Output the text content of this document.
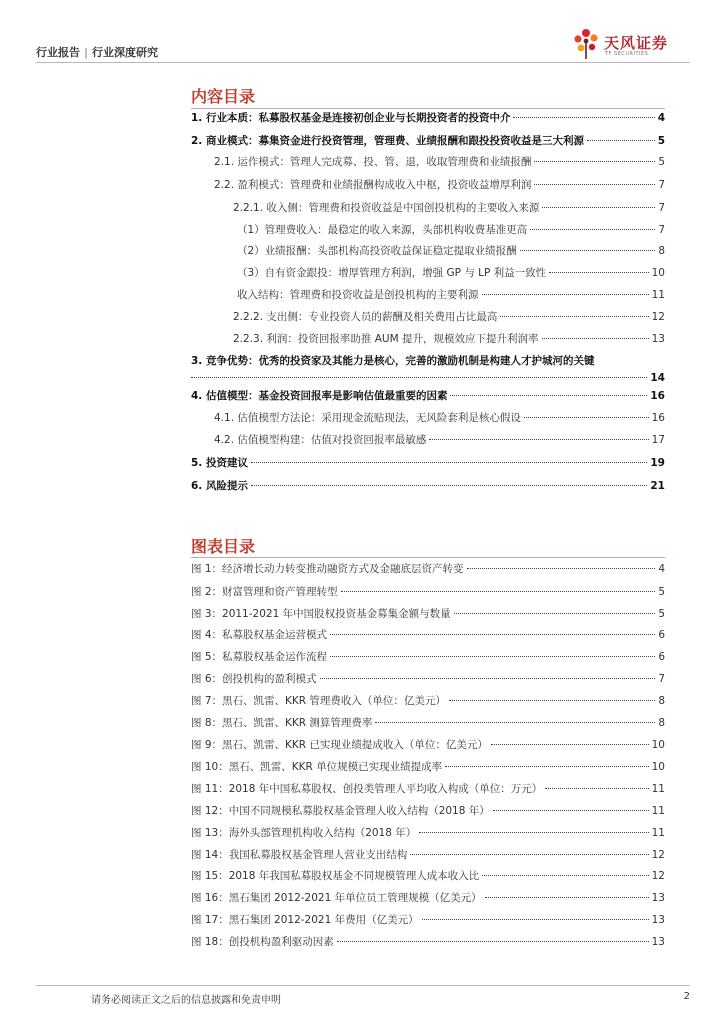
行业报告 | 行业深度研究
天风证券
TF SECURITIES
内容目录
1. 行业本质：私募股权基金是连接初创企业与长期投资者的投资中介	4
2. 商业模式：募集资金进行投资管理，管理费、业绩报酬和跟投投资收益是三大利源	5
2.1. 运作模式：管理人完成募、投、管、退，收取管理费和业绩报酬	5
2.2. 盈利模式：管理费和业绩报酬构成收入中枢，投资收益增厚利润	7
2.2.1. 收入侧：管理费和投资收益是中国创投机构的主要收入来源	7
（1）管理费收入：最稳定的收入来源，头部机构收费基准更高	7
（2）业绩报酬：头部机构高投资收益保证稳定提取业绩报酬	8
（3）自有资金跟投：增厚管理方利润，增强 GP 与 LP 利益一致性	10
收入结构：管理费和投资收益是创投机构的主要利源	11
2.2.2. 支出侧：专业投资人员的薪酬及相关费用占比最高	12
2.2.3. 利润：投资回报率助推 AUM 提升，规模效应下提升利润率	13
3. 竞争优势：优秀的投资家及其能力是核心，完善的激励机制是构建人才护城河的关键
14
4. 估值模型：基金投资回报率是影响估值最重要的因素	16
4.1. 估值模型方法论：采用现金流贴现法，无风险套利是核心假设	16
4.2. 估值模型构建：估值对投资回报率最敏感	17
5. 投资建议	19
6. 风险提示	21
图表目录
图 1：经济增长动力转变推动融资方式及金融底层资产转变	4
图 2：财富管理和资产管理转型	5
图 3：2011-2021 年中国股权投资基金募集金额与数量	5
图 4：私募股权基金运营模式	6
图 5：私募股权基金运作流程	6
图 6：创投机构的盈利模式	7
图 7：黑石、凯雷、KKR 管理费收入（单位：亿美元）	8
图 8：黑石、凯雷、KKR 测算管理费率	8
图 9：黑石、凯雷、KKR 已实现业绩提成收入（单位：亿美元）	10
图 10：黑石、凯雷、KKR 单位规模已实现业绩提成率	10
图 11：2018 年中国私募股权、创投类管理人平均收入构成（单位：万元）	11
图 12：中国不同规模私募股权基金管理人收入结构（2018 年）	11
图 13：海外头部管理机构收入结构（2018 年）	11
图 14：我国私募股权基金管理人营业支出结构	12
图 15：2018 年我国私募股权基金不同规模管理人成本收入比	12
图 16：黑石集团 2012-2021 年单位员工管理规模（亿美元）	13
图 17：黑石集团 2012-2021 年费用（亿美元）	13
图 18：创投机构盈利驱动因素	13
请务必阅读正文之后的信息披露和免责申明	2
